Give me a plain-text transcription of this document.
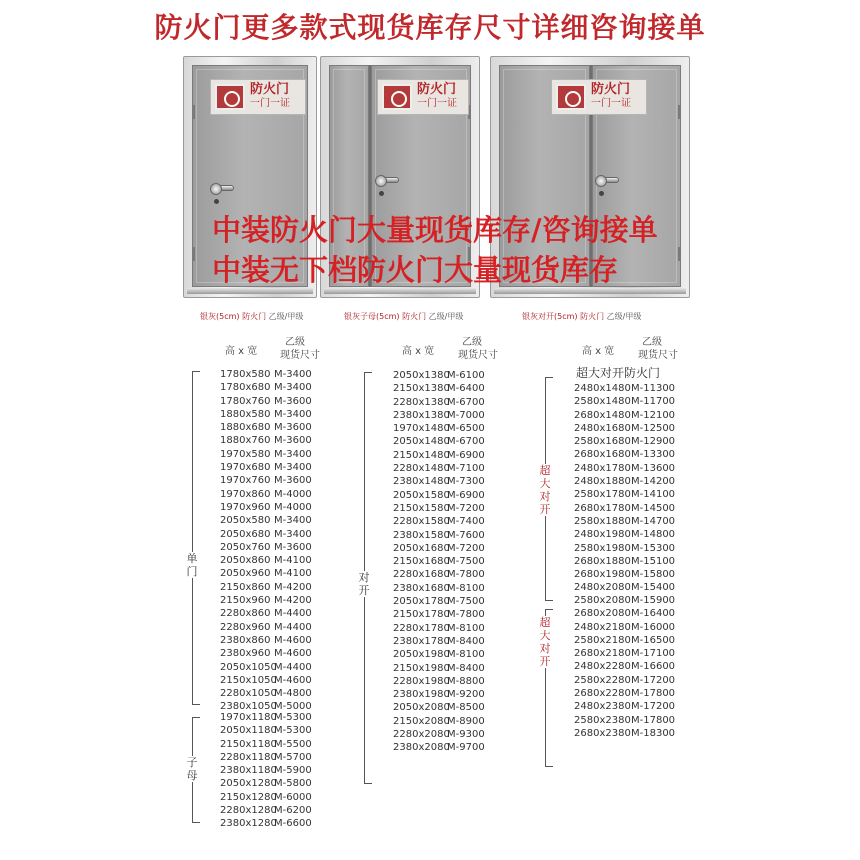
防火门更多款式现货库存尺寸详细咨询接单
防火门
一门一证
防火门
一门一证
防火门
一门一证
中装防火门大量现货库存/咨询接单
中装无下档防火门大量现货库存
银灰(5cm) 防火门 乙级/甲级	银灰子母(5cm) 防火门 乙级/甲级	银灰对开(5cm) 防火门 乙级/甲级
高 x 宽
乙级
现货尺寸	高 x 宽
乙级
现货尺寸	高 x 宽
乙级
现货尺寸
单门
1780x580 M-3400
1780x680 M-3400
1780x760 M-3600
1880x580 M-3400
1880x680 M-3600
1880x760 M-3600
1970x580 M-3400
1970x680 M-3400
1970x760 M-3600
1970x860 M-4000
1970x960 M-4000
2050x580 M-3400
2050x680 M-3400
2050x760 M-3600
2050x860 M-4100
2050x960 M-4100
2150x860 M-4200
2150x960 M-4200
2280x860 M-4400
2280x960 M-4400
2380x860 M-4600
2380x960 M-4600
2050x1050M-4400
2150x1050M-4600
2280x1050M-4800
2380x1050M-5000
子母
1970x1180M-5300
2050x1180M-5300
2150x1180M-5500
2280x1180M-5700
2380x1180M-5900
2050x1280M-5800
2150x1280M-6000
2280x1280M-6200
2380x1280M-6600
对开
2050x1380M-6100
2150x1380M-6400
2280x1380M-6700
2380x1380M-7000
1970x1480M-6500
2050x1480M-6700
2150x1480M-6900
2280x1480M-7100
2380x1480M-7300
2050x1580M-6900
2150x1580M-7200
2280x1580M-7400
2380x1580M-7600
2050x1680M-7200
2150x1680M-7500
2280x1680M-7800
2380x1680M-8100
2050x1780M-7500
2150x1780M-7800
2280x1780M-8100
2380x1780M-8400
2050x1980M-8100
2150x1980M-8400
2280x1980M-8800
2380x1980M-9200
2050x2080M-8500
2150x2080M-8900
2280x2080M-9300
2380x2080M-9700
超大对开防火门
超大对开
2480x1480M-11300
2580x1480M-11700
2680x1480M-12100
2480x1680M-12500
2580x1680M-12900
2680x1680M-13300
2480x1780M-13600
2480x1880M-14200
2580x1780M-14100
2680x1780M-14500
2580x1880M-14700
2480x1980M-14800
2580x1980M-15300
2680x1880M-15100
2680x1980M-15800
2480x2080M-15400
超大对开
2580x2080M-15900
2680x2080M-16400
2480x2180M-16000
2580x2180M-16500
2680x2180M-17100
2480x2280M-16600
2580x2280M-17200
2680x2280M-17800
2480x2380M-17200
2580x2380M-17800
2680x2380M-18300
